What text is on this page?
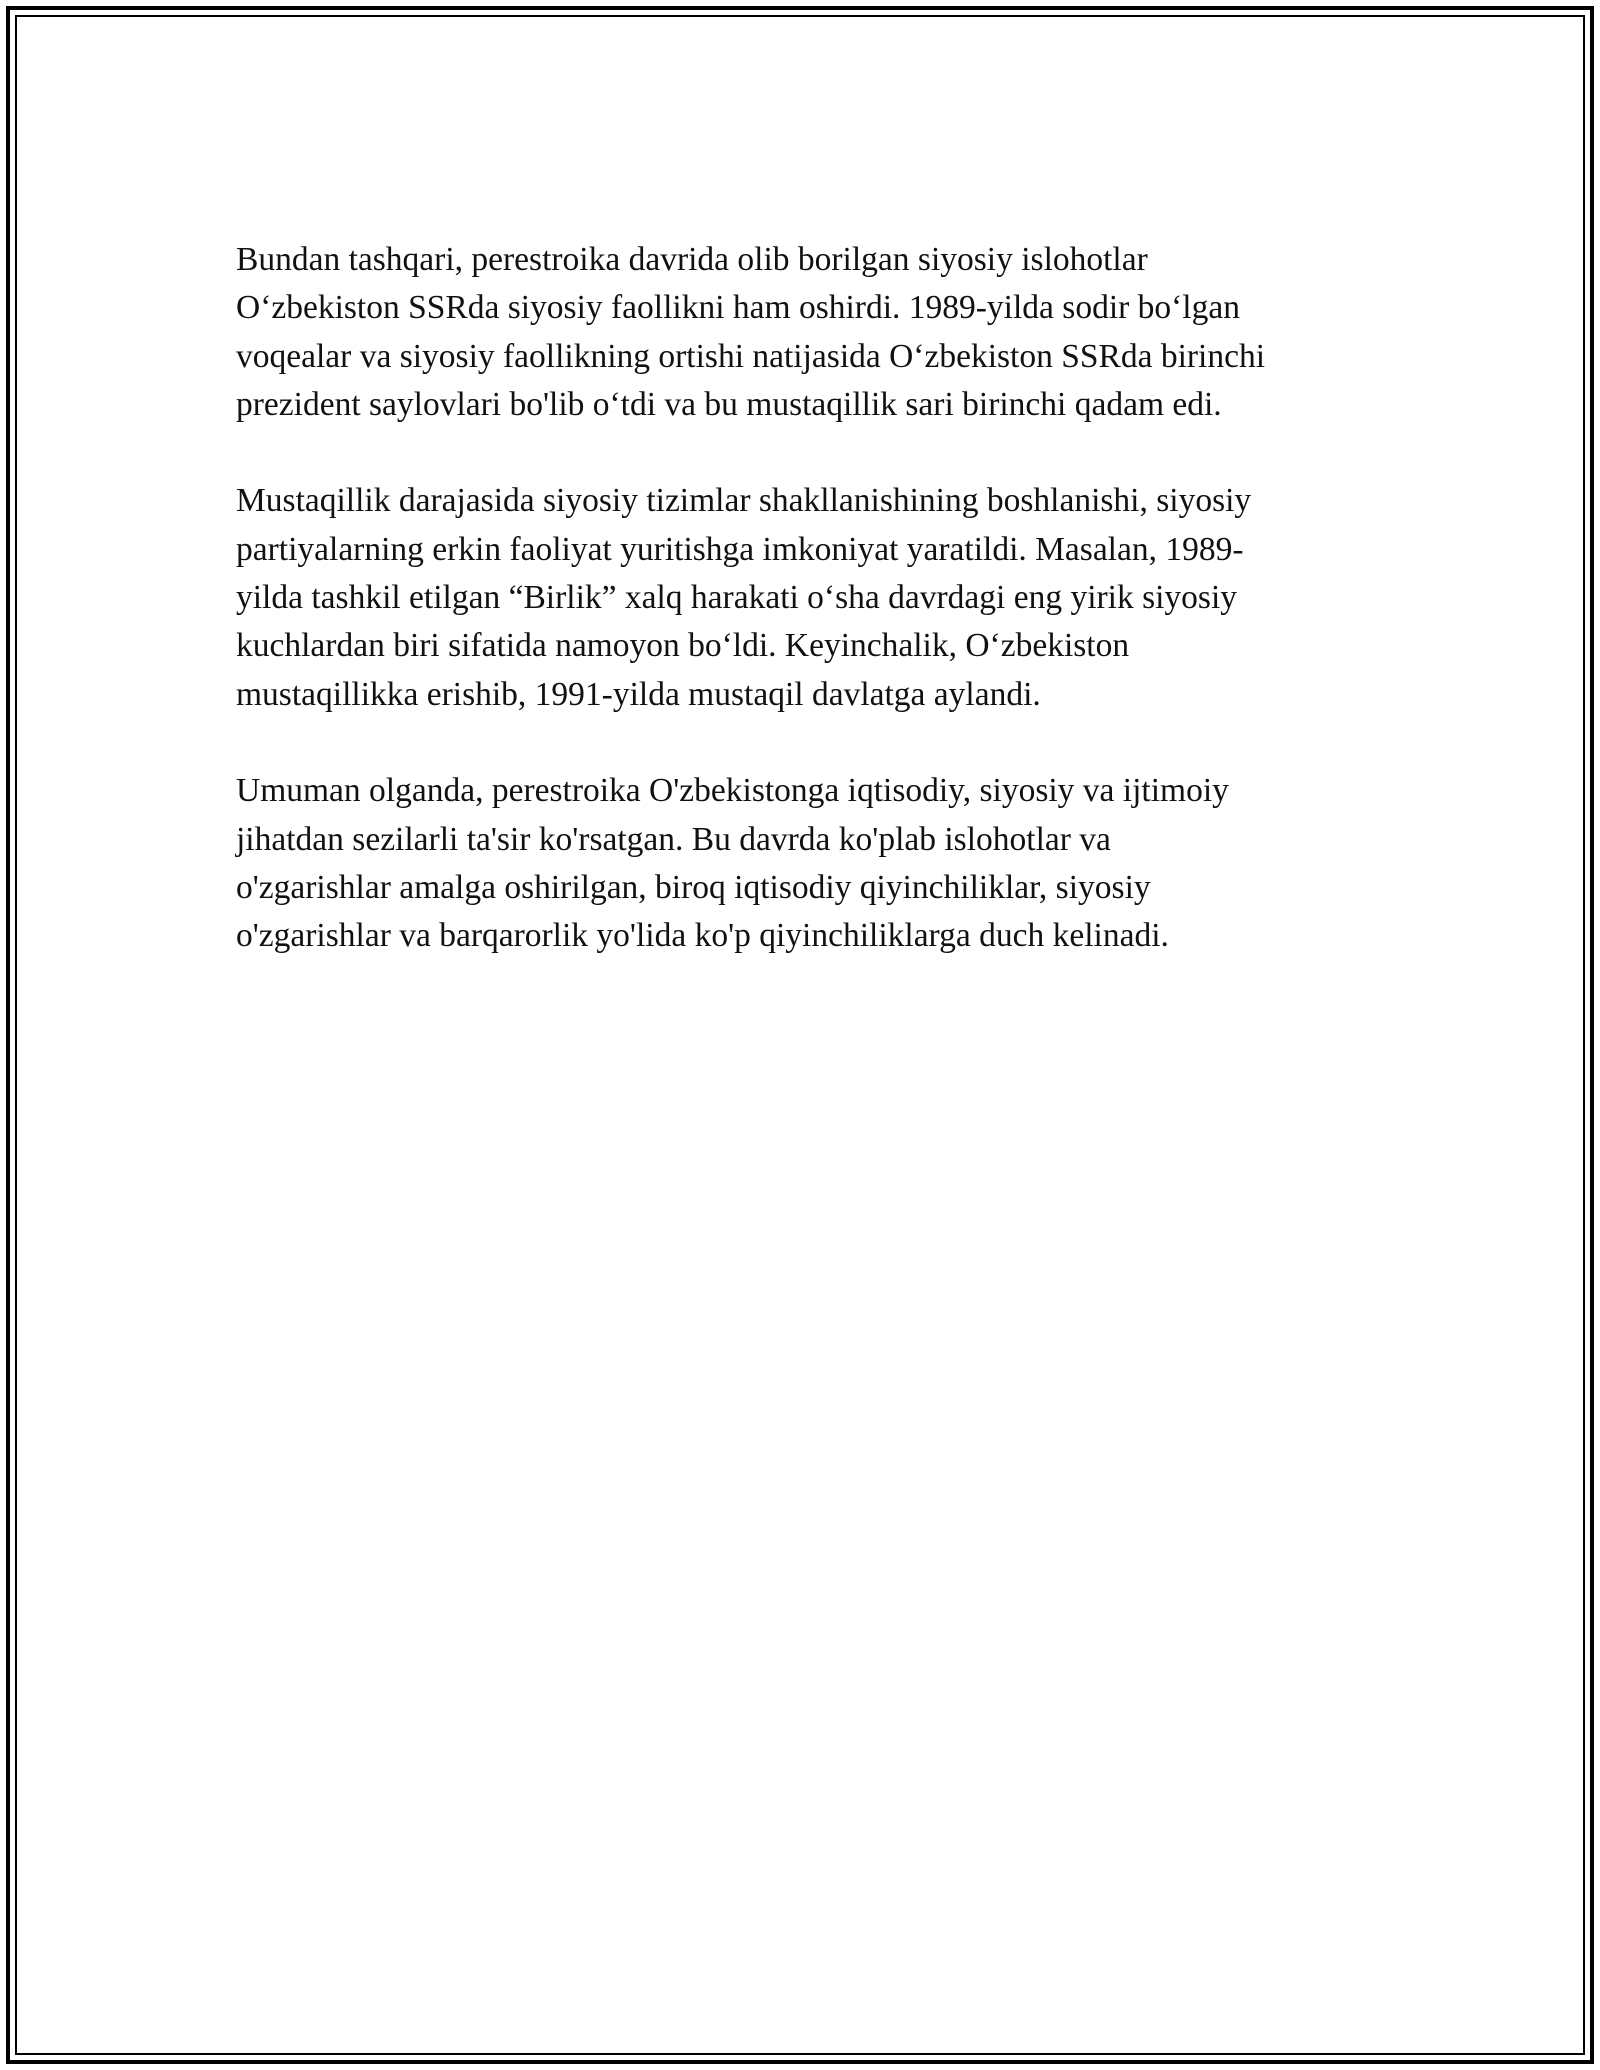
Bundan tashqari, perestroika davrida olib borilgan siyosiy islohotlar
O‘zbekiston SSRda siyosiy faollikni ham oshirdi. 1989-yilda sodir bo‘lgan
voqealar va siyosiy faollikning ortishi natijasida O‘zbekiston SSRda birinchi
prezident saylovlari bo'lib o‘tdi va bu mustaqillik sari birinchi qadam edi.

Mustaqillik darajasida siyosiy tizimlar shakllanishining boshlanishi, siyosiy
partiyalarning erkin faoliyat yuritishga imkoniyat yaratildi. Masalan, 1989-
yilda tashkil etilgan “Birlik” xalq harakati o‘sha davrdagi eng yirik siyosiy
kuchlardan biri sifatida namoyon bo‘ldi. Keyinchalik, O‘zbekiston
mustaqillikka erishib, 1991-yilda mustaqil davlatga aylandi.

Umuman olganda, perestroika O'zbekistonga iqtisodiy, siyosiy va ijtimoiy
jihatdan sezilarli ta'sir ko'rsatgan. Bu davrda ko'plab islohotlar va
o'zgarishlar amalga oshirilgan, biroq iqtisodiy qiyinchiliklar, siyosiy
o'zgarishlar va barqarorlik yo'lida ko'p qiyinchiliklarga duch kelinadi.
